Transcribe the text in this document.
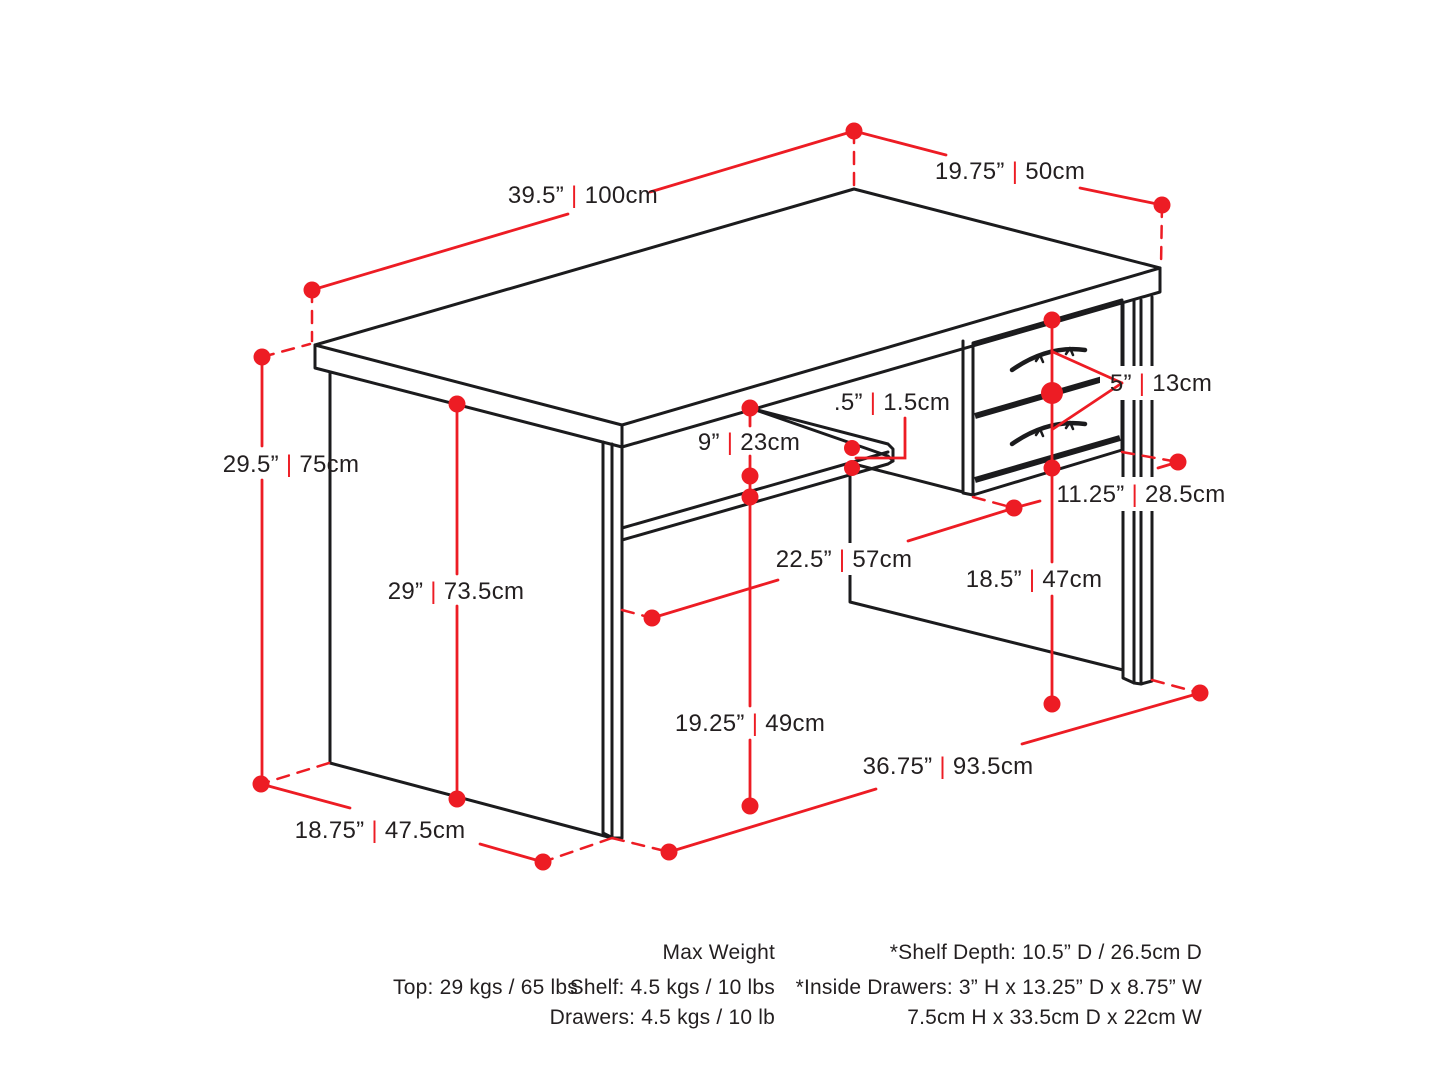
39.5” | 100cm
19.75” | 50cm
29.5” | 75cm
29” | 73.5cm
9” | 23cm
.5” | 1.5cm
5” | 13cm
11.25” | 28.5cm
22.5” | 57cm
18.5” | 47cm
19.25” | 49cm
36.75” | 93.5cm
18.75” | 47.5cm
Max Weight
Top: 29 kgs / 65 lbs
Shelf: 4.5 kgs / 10 lbs
Drawers: 4.5 kgs / 10 lb
*Shelf Depth: 10.5” D / 26.5cm D
*Inside Drawers: 3” H x 13.25” D x 8.75” W
7.5cm H x 33.5cm D x 22cm W
